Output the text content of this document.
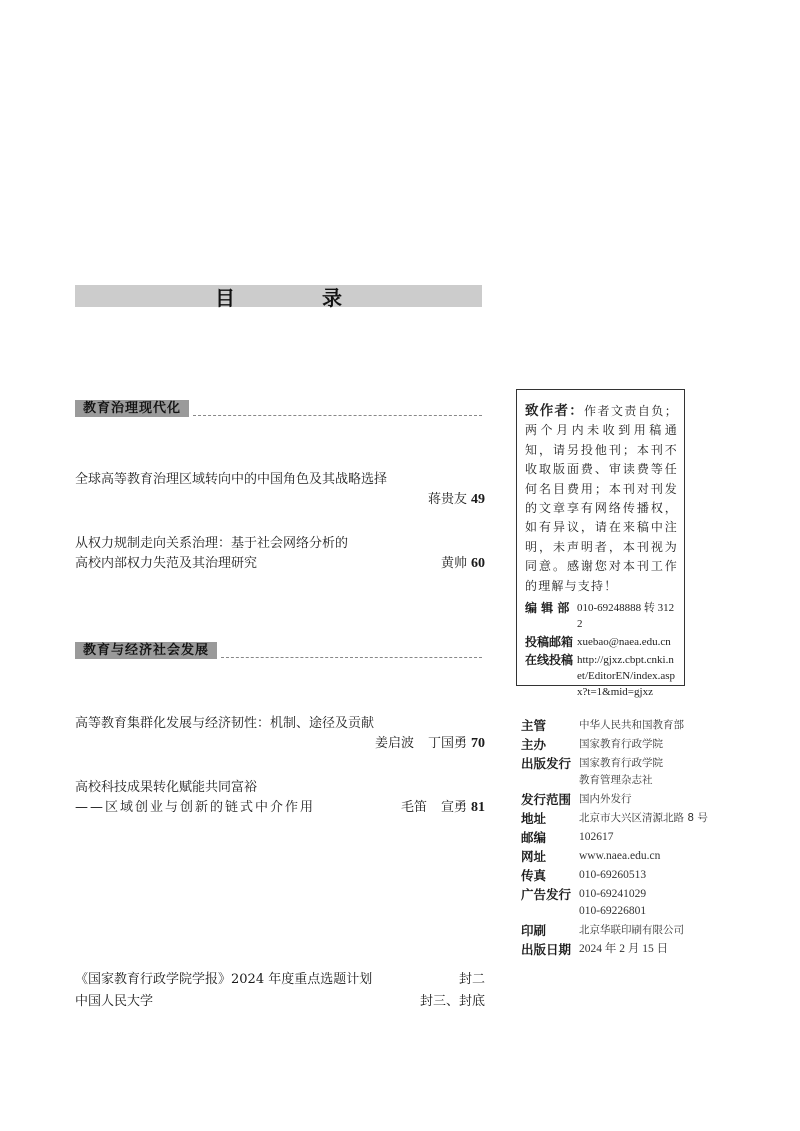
目 录
教育治理现代化
全球高等教育治理区域转向中的中国角色及其战略选择
蒋贵友 49
从权力规制走向关系治理：基于社会网络分析的
高校内部权力失范及其治理研究	黄帅 60
教育与经济社会发展
高等教育集群化发展与经济韧性：机制、途径及贡献
姜启波 丁国勇 70
高校科技成果转化赋能共同富裕
——区域创业与创新的链式中介作用	毛笛 宣勇 81
《国家教育行政学院学报》2024 年度重点选题计划	封二
中国人民大学	封三、封底
致作者：作者文责自负；两个月内未收到用稿通知，请另投他刊；本刊不收取版面费、审读费等任何名目费用；本刊对刊发的文章享有网络传播权，如有异议，请在来稿中注明，未声明者，本刊视为同意。感谢您对本刊工作的理解与支持！
编 辑 部 010-69248888 转 3122
投稿邮箱 xuebao@naea.edu.cn
在线投稿 http://gjxz.cbpt.cnki.net/EditorEN/index.aspx?t=1&mid=gjxz
主管	中华人民共和国教育部
主办	国家教育行政学院
出版发行 国家教育行政学院
教育管理杂志社
发行范围 国内外发行
地址	北京市大兴区清源北路 8 号
邮编	102617
网址	www.naea.edu.cn
传真	010-69260513
广告发行 010-69241029
010-69226801
印刷	北京华联印刷有限公司
出版日期 2024 年 2 月 15 日
